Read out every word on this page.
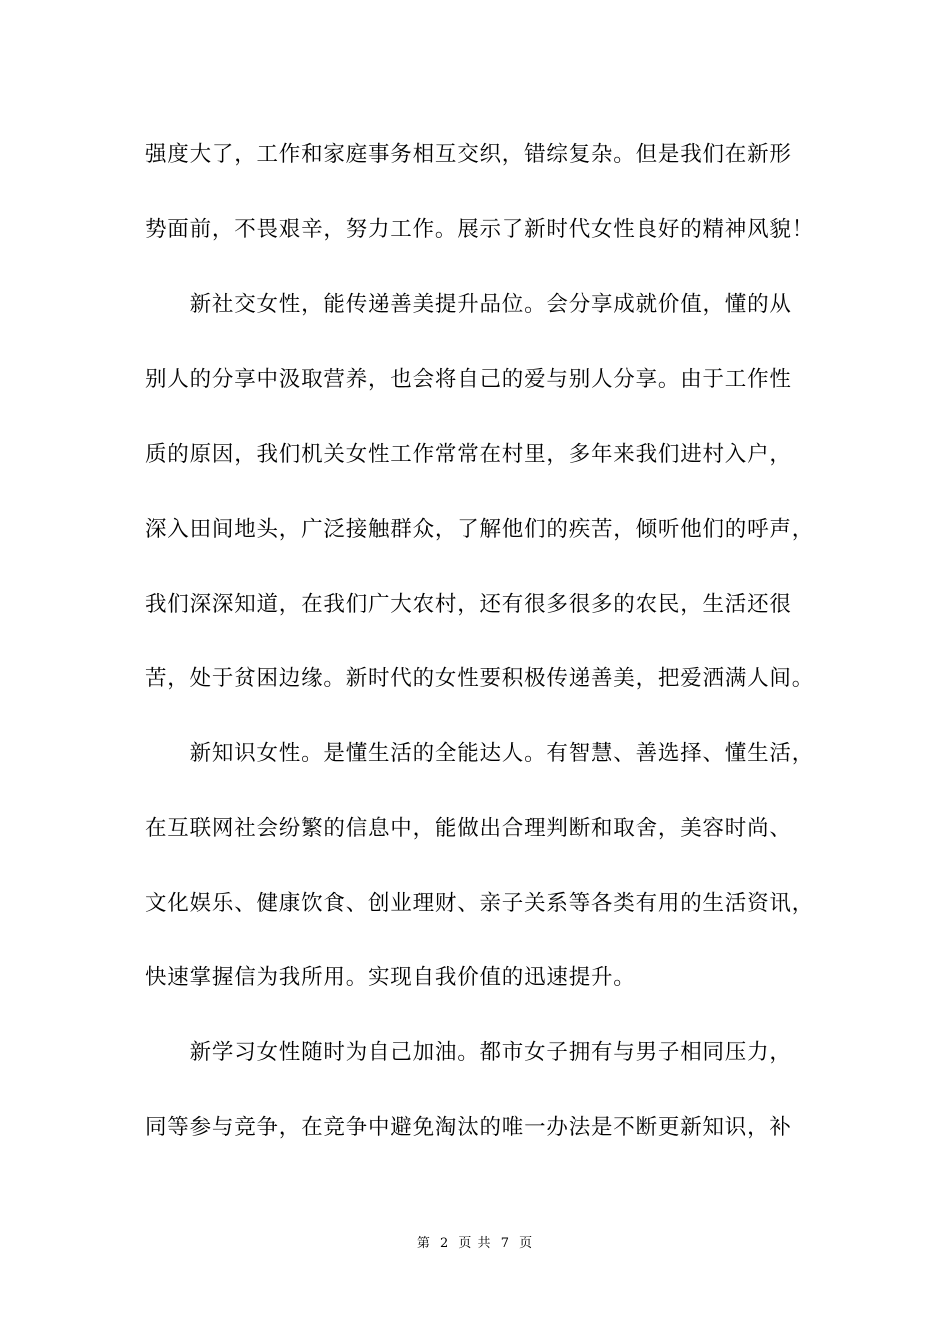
强度大了，工作和家庭事务相互交织，错综复杂。但是我们在新形
势面前，不畏艰辛，努力工作。展示了新时代女性良好的精神风貌！
　　新社交女性，能传递善美提升品位。会分享成就价值，懂的从
别人的分享中汲取营养，也会将自己的爱与别人分享。由于工作性
质的原因，我们机关女性工作常常在村里，多年来我们进村入户，
深入田间地头，广泛接触群众，了解他们的疾苦，倾听他们的呼声，
我们深深知道，在我们广大农村，还有很多很多的农民，生活还很
苦，处于贫困边缘。新时代的女性要积极传递善美，把爱洒满人间。
　　新知识女性。是懂生活的全能达人。有智慧、善选择、懂生活，
在互联网社会纷繁的信息中，能做出合理判断和取舍，美容时尚、
文化娱乐、健康饮食、创业理财、亲子关系等各类有用的生活资讯，
快速掌握信为我所用。实现自我价值的迅速提升。
　　新学习女性随时为自己加油。都市女子拥有与男子相同压力，
同等参与竞争，在竞争中避免淘汰的唯一办法是不断更新知识，补
第 2 页 共 7 页
